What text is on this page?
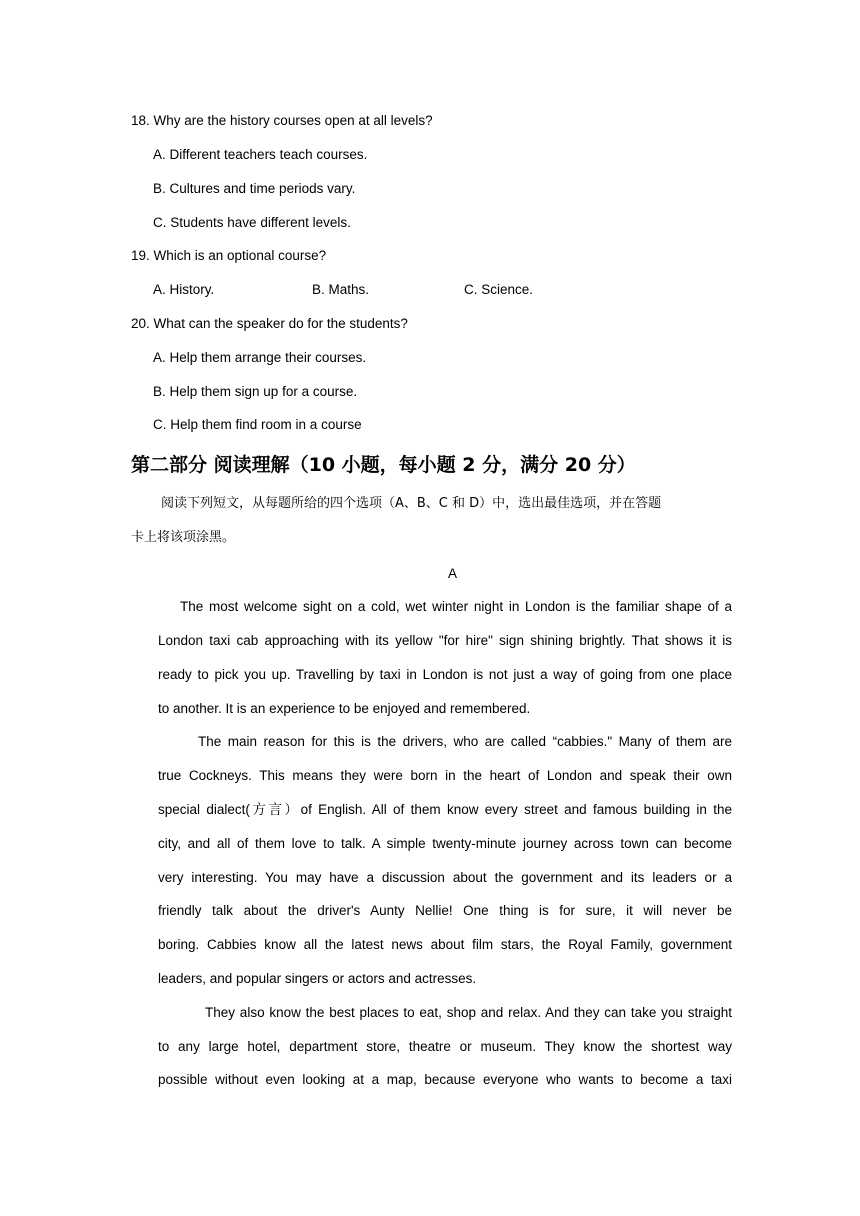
18. Why are the history courses open at all levels?
A. Different teachers teach courses.
B. Cultures and time periods vary.
C. Students have different levels.
19. Which is an optional course?
A. History.	B. Maths.	C. Science.
20. What can the speaker do for the students?
A. Help them arrange their courses.
B. Help them sign up for a course.
C. Help them find room in a course
第二部分 阅读理解（10 小题，每小题 2 分，满分 20 分）
阅读下列短文，从每题所给的四个选项（A、B、C 和 D）中，选出最佳选项，并在答题
卡上将该项涂黑。
A
The most welcome sight on a cold, wet winter night in London is the familiar shape of a
London taxi cab approaching with its yellow "for hire" sign shining brightly. That shows it is
ready to pick you up. Travelling by taxi in London is not just a way of going from one place
to another. It is an experience to be enjoyed and remembered.
The main reason for this is the drivers, who are called “cabbies." Many of them are
true Cockneys. This means they were born in the heart of London and speak their own
special dialect(方言）of English. All of them know every street and famous building in the
city, and all of them love to talk. A simple twenty-minute journey across town can become
very interesting. You may have a discussion about the government and its leaders or a
friendly talk about the driver's Aunty Nellie! One thing is for sure, it will never be
boring. Cabbies know all the latest news about film stars, the Royal Family, government
leaders, and popular singers or actors and actresses.
They also know the best places to eat, shop and relax. And they can take you straight
to any large hotel, department store, theatre or museum. They know the shortest way
possible without even looking at a map, because everyone who wants to become a taxi
